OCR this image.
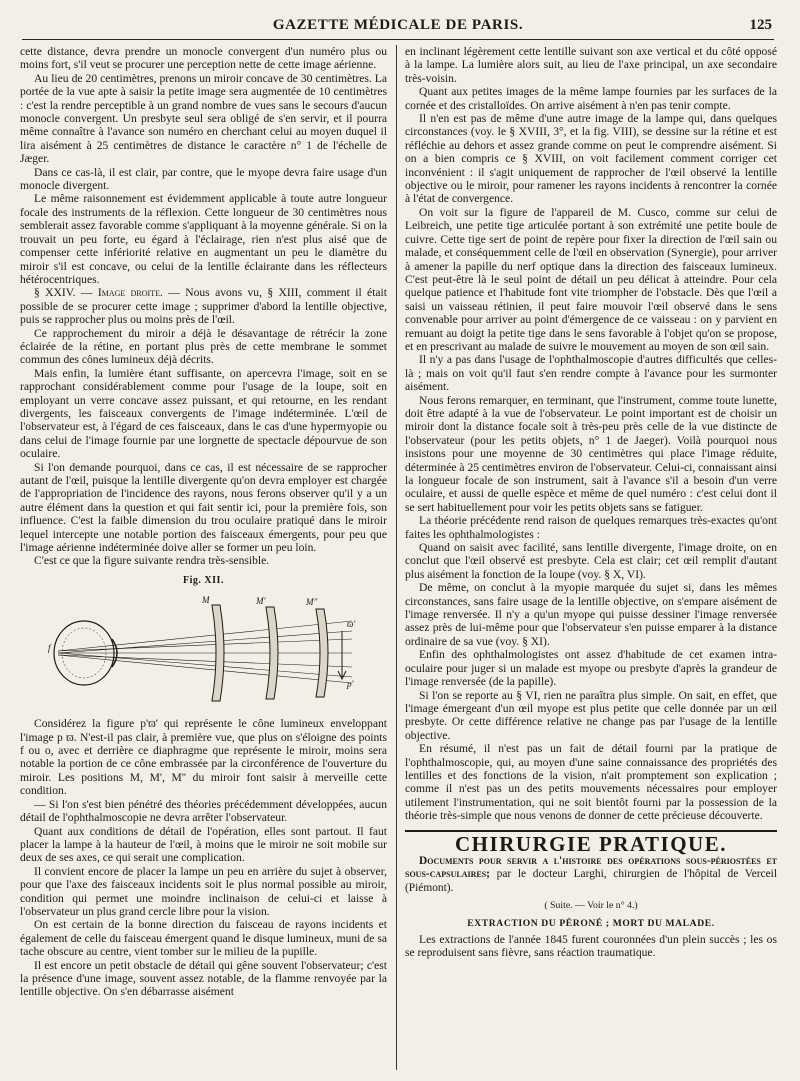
GAZETTE MÉDICALE DE PARIS.	125

cette distance, devra prendre un monocle convergent d'un numéro plus ou moins fort, s'il veut se procurer une perception nette de cette image aérienne.

Au lieu de 20 centimètres, prenons un miroir concave de 30 centimètres. La portée de la vue apte à saisir la petite image sera augmentée de 10 centimètres : c'est la rendre perceptible à un grand nombre de vues sans le secours d'aucun monocle convergent. Un presbyte seul sera obligé de s'en servir, et il pourra même connaître à l'avance son numéro en cherchant celui au moyen duquel il lira aisément à 25 centimètres de distance le caractère n° 1 de l'échelle de Jæger.

Dans ce cas-là, il est clair, par contre, que le myope devra faire usage d'un monocle divergent.

Le même raisonnement est évidemment applicable à toute autre longueur focale des instruments de la réflexion. Cette longueur de 30 centimètres nous semblerait assez favorable comme s'appliquant à la moyenne générale. Si on la trouvait un peu forte, eu égard à l'éclairage, rien n'est plus aisé que de compenser cette infériorité relative en augmentant un peu le diamètre du miroir s'il est concave, ou celui de la lentille éclairante dans les réflecteurs hétérocentriques.

§ XXIV. — Image droite. — Nous avons vu, § XIII, comment il était possible de se procurer cette image ; supprimer d'abord la lentille objective, puis se rapprocher plus ou moins près de l'œil.

Ce rapprochement du miroir a déjà le désavantage de rétrécir la zone éclairée de la rétine, en portant plus près de cette membrane le sommet commun des cônes lumineux déjà décrits.

Mais enfin, la lumière étant suffisante, on apercevra l'image, soit en se rapprochant considérablement comme pour l'usage de la loupe, soit en employant un verre concave assez puissant, et qui retourne, en les rendant divergents, les faisceaux convergents de l'image indéterminée. L'œil de l'observateur est, à l'égard de ces faisceaux, dans le cas d'une hypermyopie ou dans celui de l'image fournie par une lorgnette de spectacle dépourvue de son oculaire.

Si l'on demande pourquoi, dans ce cas, il est nécessaire de se rapprocher autant de l'œil, puisque la lentille divergente qu'on devra employer est chargée de l'appropriation de l'incidence des rayons, nous ferons observer qu'il y a un autre élément dans la question et qui fait sentir ici, pour la première fois, son influence. C'est la faible dimension du trou oculaire pratiqué dans le miroir lequel intercepte une notable portion des faisceaux émergents, pour peu que l'image aérienne indéterminée doive aller se former un peu loin.

C'est ce que la figure suivante rendra très-sensible.

Fig. XII.
M	M'	M''
ϖ'
p'
f

Considérez la figure p'ϖ' qui représente le cône lumineux enveloppant l'image p ϖ. N'est-il pas clair, à première vue, que plus on s'éloigne des points f ou o, avec et derrière ce diaphragme que représente le miroir, moins sera notable la portion de ce cône embrassée par la circonférence de l'ouverture du miroir. Les positions M, M', M'' du miroir font saisir à merveille cette condition.

— Si l'on s'est bien pénétré des théories précédemment développées, aucun détail de l'ophthalmoscopie ne devra arrêter l'observateur.

Quant aux conditions de détail de l'opération, elles sont partout. Il faut placer la lampe à la hauteur de l'œil, à moins que le miroir ne soit mobile sur deux de ses axes, ce qui serait une complication.

Il convient encore de placer la lampe un peu en arrière du sujet à observer, pour que l'axe des faisceaux incidents soit le plus normal possible au miroir, condition qui permet une moindre inclinaison de celui-ci et laisse à l'observateur un plus grand cercle libre pour la vision.

On est certain de la bonne direction du faisceau de rayons incidents et également de celle du faisceau émergent quand le disque lumineux, muni de sa tache obscure au centre, vient tomber sur le milieu de la pupille.

Il est encore un petit obstacle de détail qui gêne souvent l'observateur; c'est la présence d'une image, souvent assez notable, de la flamme renvoyée par la lentille objective. On s'en débarrasse aisément

en inclinant légèrement cette lentille suivant son axe vertical et du côté opposé à la lampe. La lumière alors suit, au lieu de l'axe principal, un axe secondaire très-voisin.

Quant aux petites images de la même lampe fournies par les surfaces de la cornée et des cristalloïdes. On arrive aisément à n'en pas tenir compte.

Il n'en est pas de même d'une autre image de la lampe qui, dans quelques circonstances (voy. le § XVIII, 3°, et la fig. VIII), se dessine sur la rétine et est réfléchie au dehors et assez grande comme on peut le comprendre aisément. Si on a bien compris ce § XVIII, on voit facilement comment corriger cet inconvénient : il s'agit uniquement de rapprocher de l'œil observé la lentille objective ou le miroir, pour ramener les rayons incidents à rencontrer la cornée à l'état de convergence.

On voit sur la figure de l'appareil de M. Cusco, comme sur celui de Leibreich, une petite tige articulée portant à son extrémité une petite boule de cuivre. Cette tige sert de point de repère pour fixer la direction de l'œil sain ou malade, et conséquemment celle de l'œil en observation (Synergie), pour arriver à amener la papille du nerf optique dans la direction des faisceaux lumineux. C'est peut-être là le seul point de détail un peu délicat à atteindre. Pour cela quelque patience et l'habitude font vite triompher de l'obstacle. Dès que l'œil a saisi un vaisseau rétinien, il peut faire mouvoir l'œil observé dans le sens convenable pour arriver au point d'émergence de ce vaisseau : on y parvient en remuant au doigt la petite tige dans le sens favorable à l'objet qu'on se propose, et en prescrivant au malade de suivre le mouvement au moyen de son œil sain.

Il n'y a pas dans l'usage de l'ophthalmoscopie d'autres difficultés que celles-là ; mais on voit qu'il faut s'en rendre compte à l'avance pour les surmonter aisément.

Nous ferons remarquer, en terminant, que l'instrument, comme toute lunette, doit être adapté à la vue de l'observateur. Le point important est de choisir un miroir dont la distance focale soit à très-peu près celle de la vue distincte de l'observateur (pour les petits objets, n° 1 de Jaeger). Voilà pourquoi nous insistons pour une moyenne de 30 centimètres qui place l'image réduite, déterminée à 25 centimètres environ de l'observateur. Celui-ci, connaissant ainsi la longueur focale de son instrument, sait à l'avance s'il a besoin d'un verre oculaire, et aussi de quelle espèce et même de quel numéro : c'est celui dont il se sert habituellement pour voir les petits objets sans se fatiguer.

La théorie précédente rend raison de quelques remarques très-exactes qu'ont faites les ophthalmologistes :

Quand on saisit avec facilité, sans lentille divergente, l'image droite, on en conclut que l'œil observé est presbyte. Cela est clair; cet œil remplit d'autant plus aisément la fonction de la loupe (voy. § X, VI).

De même, on conclut à la myopie marquée du sujet si, dans les mêmes circonstances, sans faire usage de la lentille objective, on s'empare aisément de l'image renversée. Il n'y a qu'un myope qui puisse dessiner l'image renversée assez près de lui-même pour que l'observateur s'en puisse emparer à la distance ordinaire de sa vue (voy. § XI).

Enfin des ophthalmologistes ont assez d'habitude de cet examen intra-oculaire pour juger si un malade est myope ou presbyte d'après la grandeur de l'image renversée (de la papille).

Si l'on se reporte au § VI, rien ne paraîtra plus simple. On sait, en effet, que l'image émergeant d'un œil myope est plus petite que celle donnée par un œil presbyte. Or cette différence relative ne change pas par l'usage de la lentille objective.

En résumé, il n'est pas un fait de détail fourni par la pratique de l'ophthalmoscopie, qui, au moyen d'une saine connaissance des propriétés des lentilles et des fonctions de la vision, n'ait promptement son explication ; comme il n'est pas un des petits mouvements nécessaires pour employer utilement l'instrumentation, qui ne soit bientôt fourni par la possession de la théorie très-simple que nous venons de donner de cette précieuse découverte.

CHIRURGIE PRATIQUE.

Documents pour servir a l'histoire des opérations sous-périostées et sous-capsulaires; par le docteur Larghi, chirurgien de l'hôpital de Verceil (Piémont).

( Suite. — Voir le n° 4.)
EXTRACTION DU PÉRONÉ ; MORT DU MALADE.

Les extractions de l'année 1845 furent couronnées d'un plein succès ; les os se reproduisent sans fièvre, sans réaction traumatique.
